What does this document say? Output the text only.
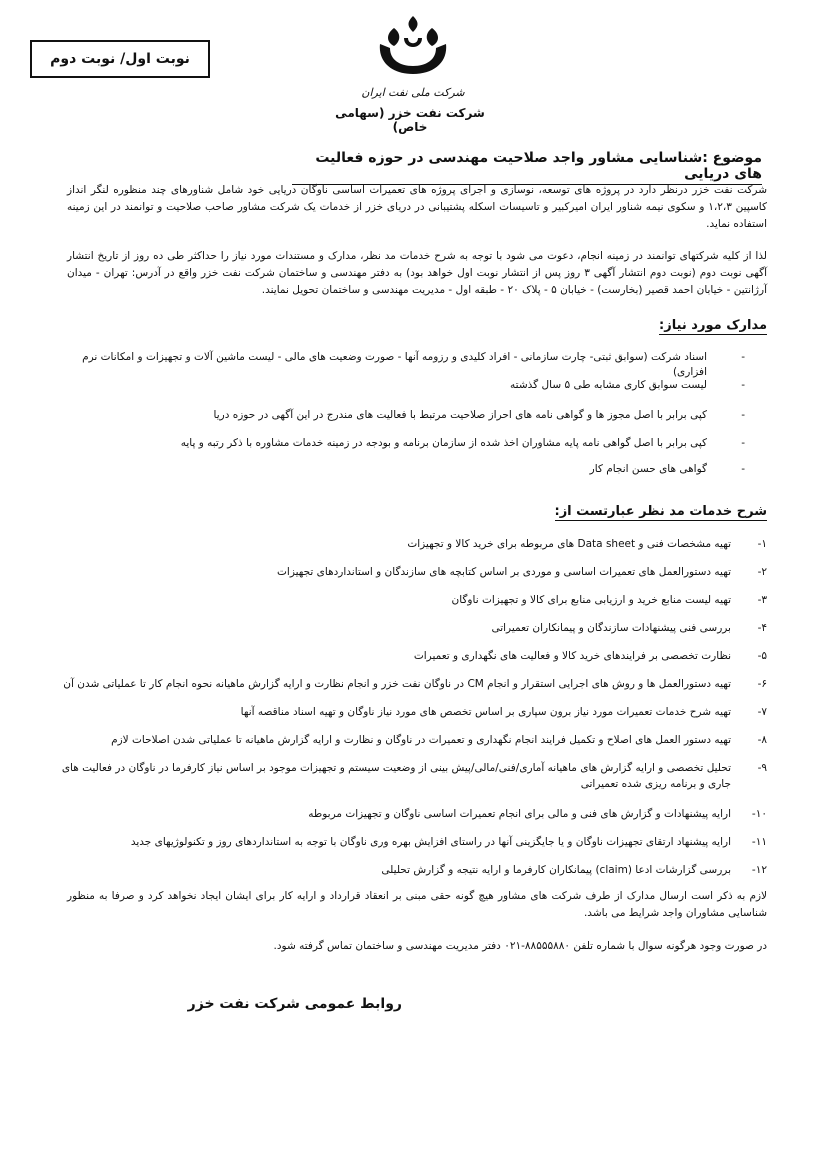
نوبت اول/ نوبت دوم
شرکت ملی نفت ایران
شرکت نفت خزر (سهامی خاص)
موضوع :شناسایی مشاور واجد صلاحیت مهندسی در حوزه فعالیت های دریایی
شرکت نفت خزر درنظر دارد در پروژه های توسعه، نوسازی و اجرای پروژه های تعمیرات اساسی ناوگان دریایی خود شامل شناورهای چند منظوره لنگر انداز کاسپین ۱،۲،۳ و سکوی نیمه شناور ایران امیرکبیر و تاسیسات اسکله پشتیبانی در دریای خزر از خدمات یک شرکت مشاور صاحب صلاحیت و توانمند در این زمینه استفاده نماید.
لذا از کلیه شرکتهای توانمند در زمینه انجام، دعوت می شود با توجه به شرح خدمات مد نظر، مدارک و مستندات مورد نیاز را حداکثر طی ده روز از تاریخ انتشار آگهی نوبت دوم (نوبت دوم انتشار آگهی ۳ روز پس از انتشار نوبت اول خواهد بود) به دفتر مهندسی و ساختمان شرکت نفت خزر واقع در آدرس: تهران - میدان آرژانتین - خیابان احمد قصیر (بخارست) - خیابان ۵ - پلاک ۲۰ - طبقه اول - مدیریت مهندسی و ساختمان تحویل نمایند.
مدارک مورد نیاز:
-
اسناد شرکت (سوابق ثبتی- چارت سازمانی - افراد کلیدی و رزومه آنها - صورت وضعیت های مالی - لیست ماشین آلات و تجهیزات و امکانات نرم افزاری)
-
لیست سوابق کاری مشابه طی ۵ سال گذشته
-
کپی برابر با اصل مجوز ها و گواهی نامه های احراز صلاحیت مرتبط با فعالیت های مندرج در این آگهی در حوزه دریا
-
کپی برابر با اصل گواهی نامه پایه مشاوران اخذ شده از سازمان برنامه و بودجه در زمینه خدمات مشاوره با ذکر رتبه و پایه
-
گواهی های حسن انجام کار
شرح خدمات مد نظر عبارتست از:
۱-
تهیه مشخصات فنی و Data sheet های مربوطه برای خرید کالا و تجهیزات
۲-
تهیه دستورالعمل های تعمیرات اساسی و موردی بر اساس کتابچه های سازندگان و استانداردهای تجهیزات
۳-
تهیه لیست منابع خرید و ارزیابی منابع برای کالا و تجهیزات ناوگان
۴-
بررسی فنی پیشنهادات سازندگان و پیمانکاران تعمیراتی
۵-
نظارت تخصصی بر فرایندهای خرید کالا و فعالیت های نگهداری و تعمیرات
۶-
تهیه دستورالعمل ها و روش های اجرایی استقرار و انجام CM در ناوگان نفت خزر و انجام نظارت و ارایه گزارش ماهیانه نحوه انجام کار تا عملیاتی شدن آن
۷-
تهیه شرح خدمات تعمیرات مورد نیاز برون سپاری بر اساس تخصص های مورد نیاز ناوگان و تهیه اسناد مناقصه آنها
۸-
تهیه دستور العمل های اصلاح و تکمیل فرایند انجام نگهداری و تعمیرات در ناوگان و نظارت و ارایه گزارش ماهیانه تا عملیاتی شدن اصلاحات لازم
۹-
تحلیل تخصصی و ارایه گزارش های ماهیانه آماری/فنی/مالی/پیش بینی از وضعیت سیستم و تجهیزات موجود بر اساس نیاز کارفرما در ناوگان در فعالیت های جاری و برنامه ریزی شده تعمیراتی
۱۰-
ارایه پیشنهادات و گزارش های فنی و مالی برای انجام تعمیرات اساسی ناوگان و تجهیزات مربوطه
۱۱-
ارایه پیشنهاد ارتقای تجهیزات ناوگان و یا جایگزینی آنها در راستای افزایش بهره وری ناوگان با توجه به استانداردهای روز و تکنولوژیهای جدید
۱۲-
بررسی گزارشات ادعا (claim) پیمانکاران کارفرما و ارایه نتیجه و گزارش تحلیلی
لازم به ذکر است ارسال مدارک از طرف شرکت های مشاور هیچ گونه حقی مبنی بر انعقاد قرارداد و ارایه کار برای ایشان ایجاد نخواهد کرد و صرفا به منظور شناسایی مشاوران واجد شرایط می باشد.
در صورت وجود هرگونه سوال با شماره تلفن ۸۸۵۵۵۸۸۰-۰۲۱ دفتر مدیریت مهندسی و ساختمان تماس گرفته شود.
روابط عمومی شرکت نفت خزر
